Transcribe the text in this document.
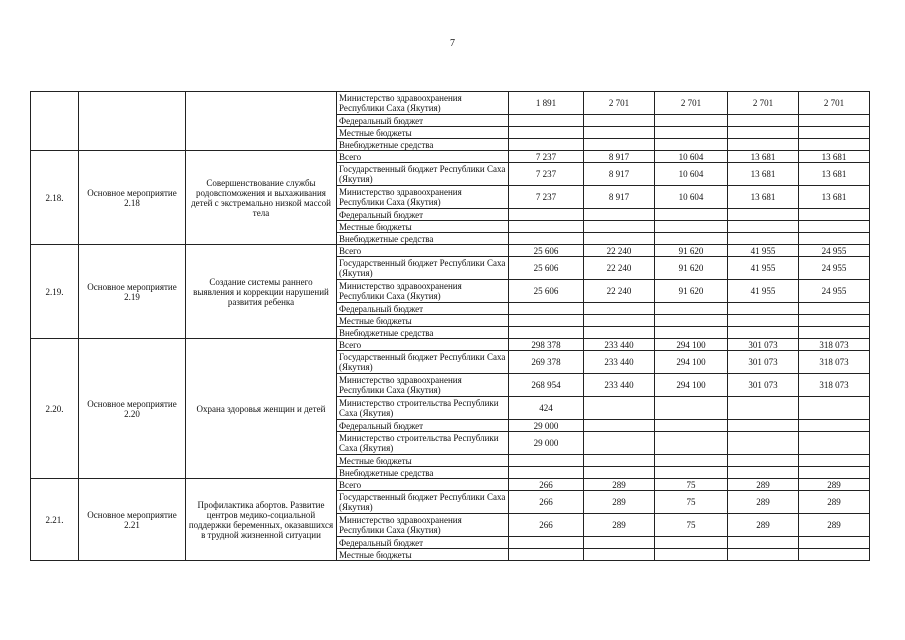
7
			Министерство здравоохранения Республики Саха (Якутия)	1 891	2 701	2 701	2 701	2 701
			Федеральный бюджет					
			Местные бюджеты					
			Внебюджетные средства					
2.18.	Основное мероприятие 2.18	Совершенствование службы родовспоможения и выхаживания детей с экстремально низкой массой тела	Всего	7 237	8 917	10 604	13 681	13 681
			Государственный бюджет Республики Саха (Якутия)	7 237	8 917	10 604	13 681	13 681
			Министерство здравоохранения Республики Саха (Якутия)	7 237	8 917	10 604	13 681	13 681
			Федеральный бюджет					
			Местные бюджеты					
			Внебюджетные средства					
2.19.	Основное мероприятие 2.19	Создание системы раннего выявления и коррекции нарушений развития ребенка	Всего	25 606	22 240	91 620	41 955	24 955
			Государственный бюджет Республики Саха (Якутия)	25 606	22 240	91 620	41 955	24 955
			Министерство здравоохранения Республики Саха (Якутия)	25 606	22 240	91 620	41 955	24 955
			Федеральный бюджет					
			Местные бюджеты					
			Внебюджетные средства					
2.20.	Основное мероприятие 2.20	Охрана здоровья женщин и детей	Всего	298 378	233 440	294 100	301 073	318 073
			Государственный бюджет Республики Саха (Якутия)	269 378	233 440	294 100	301 073	318 073
			Министерство здравоохранения Республики Саха (Якутия)	268 954	233 440	294 100	301 073	318 073
			Министерство строительства Республики Саха (Якутия)	424				
			Федеральный бюджет	29 000				
			Министерство строительства Республики Саха (Якутия)	29 000				
			Местные бюджеты					
			Внебюджетные средства					
2.21.	Основное мероприятие 2.21	Профилактика абортов. Развитие центров медико-социальной поддержки беременных, оказавшихся в трудной жизненной ситуации	Всего	266	289	75	289	289
			Государственный бюджет Республики Саха (Якутия)	266	289	75	289	289
			Министерство здравоохранения Республики Саха (Якутия)	266	289	75	289	289
			Федеральный бюджет					
			Местные бюджеты					
